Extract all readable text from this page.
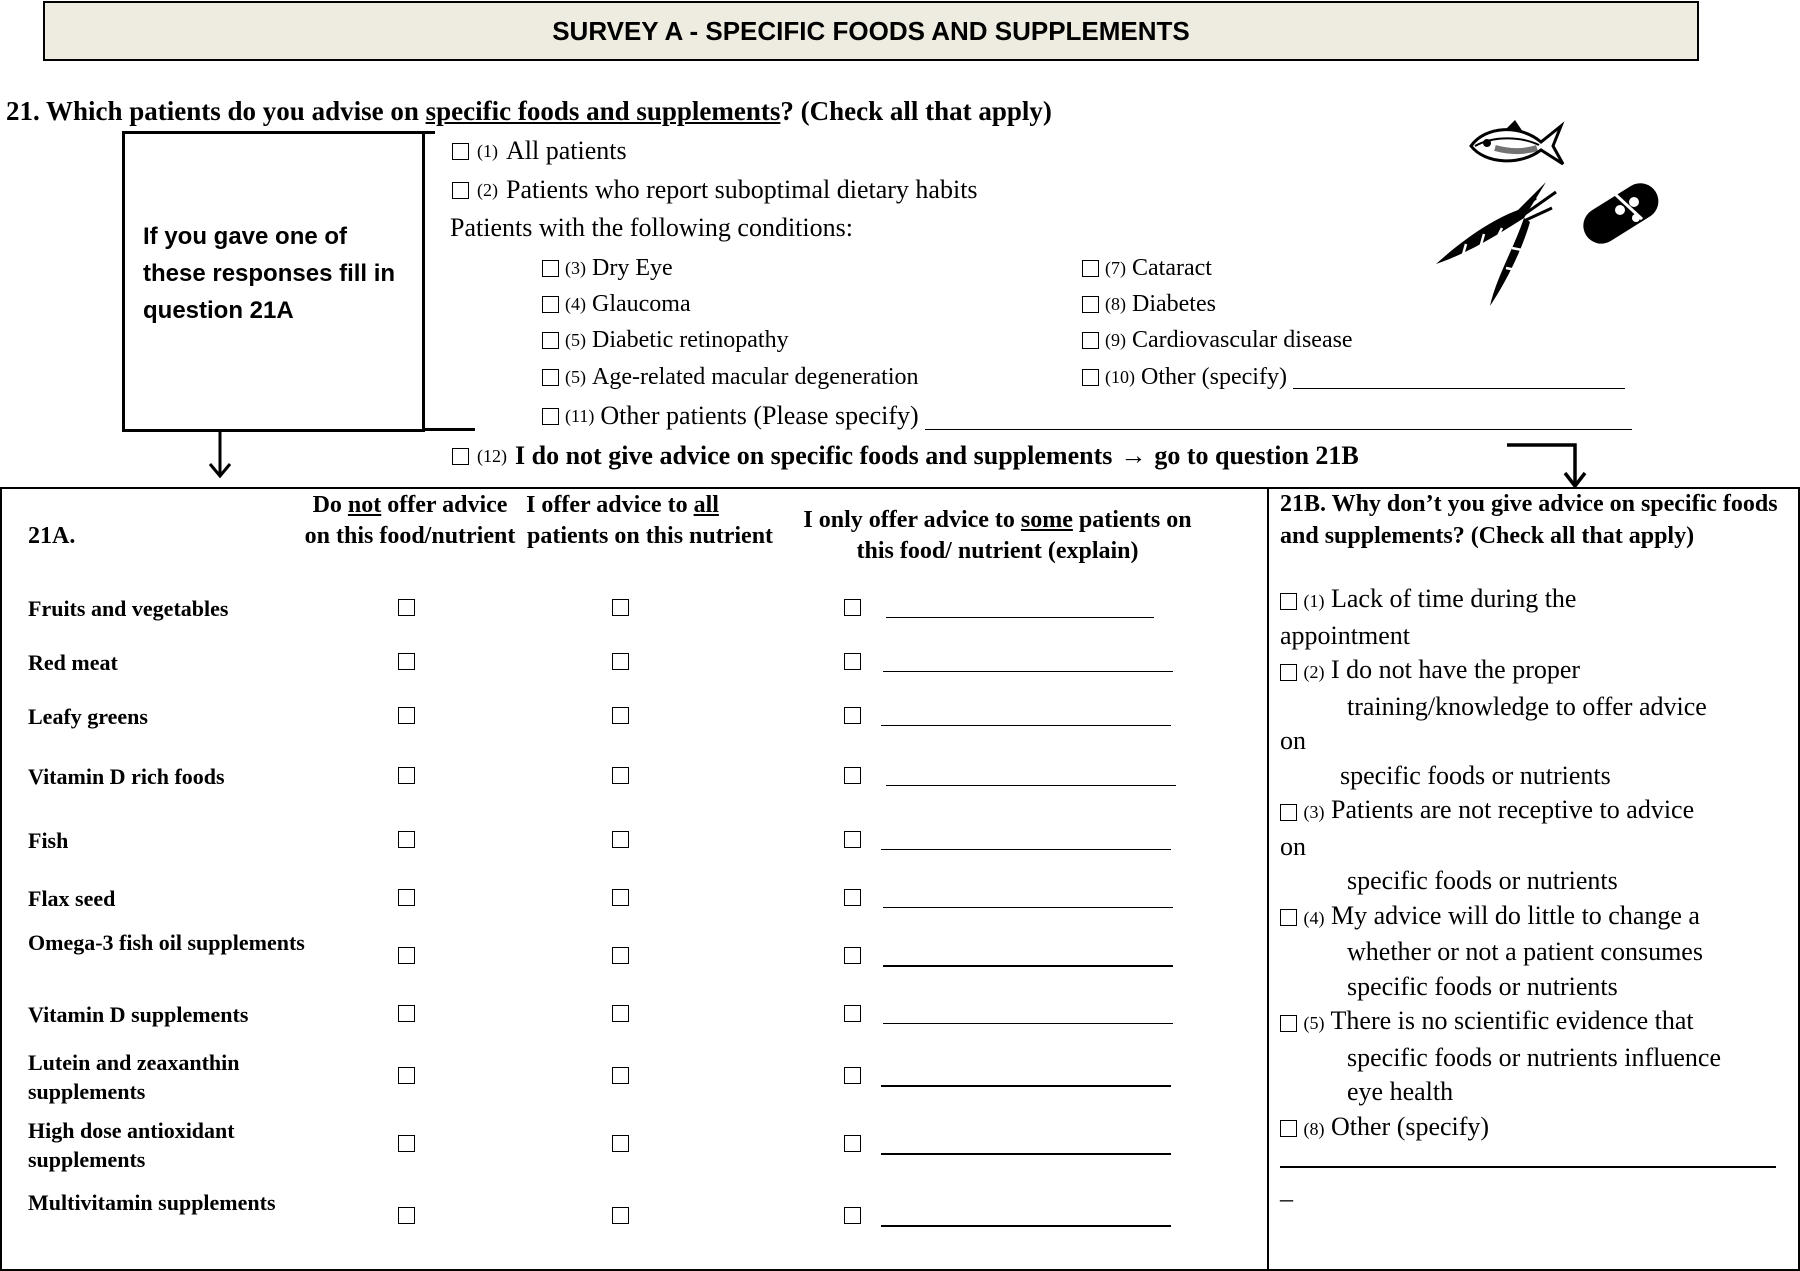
SURVEY A - SPECIFIC FOODS AND SUPPLEMENTS
21. Which patients do you advise on specific foods and supplements? (Check all that apply)
If you gave one of these responses fill in question 21A
(1) All patients
(2) Patients who report suboptimal dietary habits
Patients with the following conditions:
(3) Dry Eye
(4) Glaucoma
(5) Diabetic retinopathy
(5) Age-related macular degeneration
(7) Cataract
(8) Diabetes
(9) Cardiovascular disease
(10) Other (specify)
(11) Other patients (Please specify)
(12) I do not give advice on specific foods and supplements → go to question 21B
21A.
Do not offer advice on this food/nutrient
I offer advice to all  patients on this nutrient
I only offer advice to some patients on this food/ nutrient (explain)
Fruits and vegetables
Red meat
Leafy greens
Vitamin D rich foods
Fish
Flax seed
Omega-3 fish oil supplements
Vitamin D supplements
Lutein and zeaxanthin supplements
High dose antioxidant supplements
Multivitamin supplements
21B. Why don’t you give advice on specific foods and supplements? (Check all that apply)
(1) Lack of time during the
appointment
(2) I do not have the proper
training/knowledge to offer advice
on
specific foods or nutrients
(3) Patients are not receptive to advice
on
specific foods or nutrients
(4) My advice will do little to change a
whether or not a patient consumes
specific foods or nutrients
(5) There is no scientific evidence that
specific foods or nutrients influence
eye health
(8) Other (specify)
_
